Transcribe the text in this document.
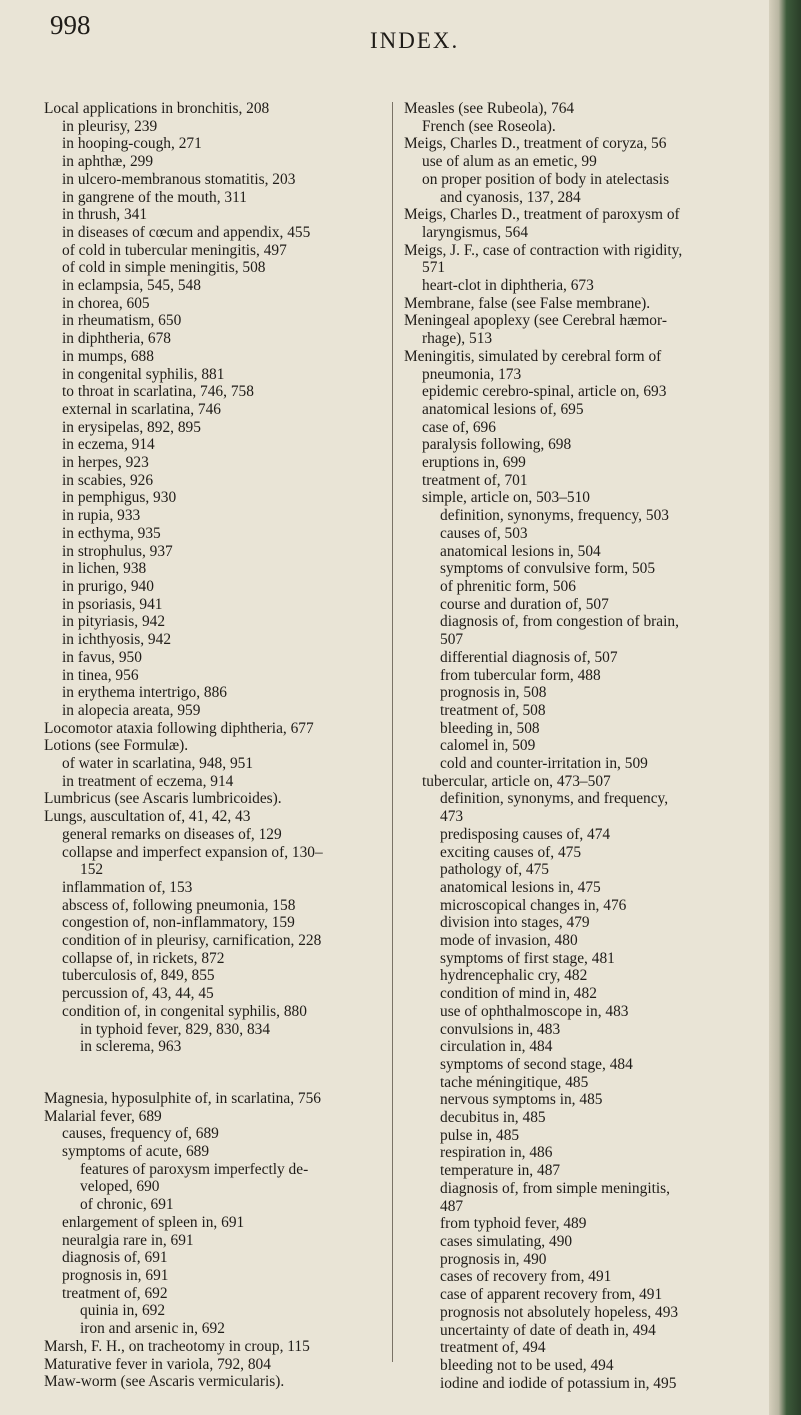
998
INDEX.
Local applications in bronchitis, 208
in pleurisy, 239
in hooping-cough, 271
in aphthæ, 299
in ulcero-membranous stomatitis, 203
in gangrene of the mouth, 311
in thrush, 341
in diseases of cœcum and appendix, 455
of cold in tubercular meningitis, 497
of cold in simple meningitis, 508
in eclampsia, 545, 548
in chorea, 605
in rheumatism, 650
in diphtheria, 678
in mumps, 688
in congenital syphilis, 881
to throat in scarlatina, 746, 758
external in scarlatina, 746
in erysipelas, 892, 895
in eczema, 914
in herpes, 923
in scabies, 926
in pemphigus, 930
in rupia, 933
in ecthyma, 935
in strophulus, 937
in lichen, 938
in prurigo, 940
in psoriasis, 941
in pityriasis, 942
in ichthyosis, 942
in favus, 950
in tinea, 956
in erythema intertrigo, 886
in alopecia areata, 959
Locomotor ataxia following diphtheria, 677
Lotions (see Formulæ).
of water in scarlatina, 948, 951
in treatment of eczema, 914
Lumbricus (see Ascaris lumbricoides).
Lungs, auscultation of, 41, 42, 43
general remarks on diseases of, 129
collapse and imperfect expansion of, 130–
152
inflammation of, 153
abscess of, following pneumonia, 158
congestion of, non-inflammatory, 159
condition of in pleurisy, carnification, 228
collapse of, in rickets, 872
tuberculosis of, 849, 855
percussion of, 43, 44, 45
condition of, in congenital syphilis, 880
in typhoid fever, 829, 830, 834
in sclerema, 963
Magnesia, hyposulphite of, in scarlatina, 756
Malarial fever, 689
causes, frequency of, 689
symptoms of acute, 689
features of paroxysm imperfectly de-
veloped, 690
of chronic, 691
enlargement of spleen in, 691
neuralgia rare in, 691
diagnosis of, 691
prognosis in, 691
treatment of, 692
quinia in, 692
iron and arsenic in, 692
Marsh, F. H., on tracheotomy in croup, 115
Maturative fever in variola, 792, 804
Maw-worm (see Ascaris vermicularis).
Measles (see Rubeola), 764
French (see Roseola).
Meigs, Charles D., treatment of coryza, 56
use of alum as an emetic, 99
on proper position of body in atelectasis
and cyanosis, 137, 284
Meigs, Charles D., treatment of paroxysm of
laryngismus, 564
Meigs, J. F., case of contraction with rigidity,
571
heart-clot in diphtheria, 673
Membrane, false (see False membrane).
Meningeal apoplexy (see Cerebral hæmor-
rhage), 513
Meningitis, simulated by cerebral form of
pneumonia, 173
epidemic cerebro-spinal, article on, 693
anatomical lesions of, 695
case of, 696
paralysis following, 698
eruptions in, 699
treatment of, 701
simple, article on, 503–510
definition, synonyms, frequency, 503
causes of, 503
anatomical lesions in, 504
symptoms of convulsive form, 505
of phrenitic form, 506
course and duration of, 507
diagnosis of, from congestion of brain,
507
differential diagnosis of, 507
from tubercular form, 488
prognosis in, 508
treatment of, 508
bleeding in, 508
calomel in, 509
cold and counter-irritation in, 509
tubercular, article on, 473–507
definition, synonyms, and frequency,
473
predisposing causes of, 474
exciting causes of, 475
pathology of, 475
anatomical lesions in, 475
microscopical changes in, 476
division into stages, 479
mode of invasion, 480
symptoms of first stage, 481
hydrencephalic cry, 482
condition of mind in, 482
use of ophthalmoscope in, 483
convulsions in, 483
circulation in, 484
symptoms of second stage, 484
tache méningitique, 485
nervous symptoms in, 485
decubitus in, 485
pulse in, 485
respiration in, 486
temperature in, 487
diagnosis of, from simple meningitis,
487
from typhoid fever, 489
cases simulating, 490
prognosis in, 490
cases of recovery from, 491
case of apparent recovery from, 491
prognosis not absolutely hopeless, 493
uncertainty of date of death in, 494
treatment of, 494
bleeding not to be used, 494
iodine and iodide of potassium in, 495
